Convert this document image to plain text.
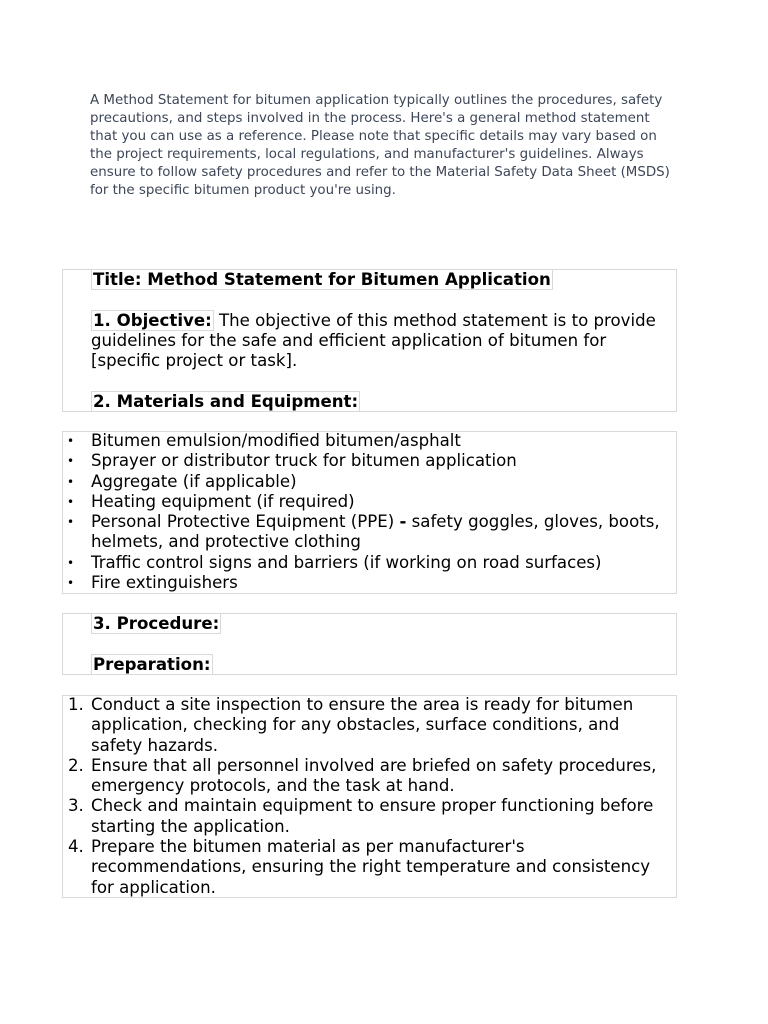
A Method Statement for bitumen application typically outlines the procedures, safety precautions, and steps involved in the process. Here's a general method statement that you can use as a reference. Please note that specific details may vary based on the project requirements, local regulations, and manufacturer's guidelines. Always ensure to follow safety procedures and refer to the Material Safety Data Sheet (MSDS) for the specific bitumen product you're using.

Title: Method Statement for Bitumen Application

1. Objective: The objective of this method statement is to provide guidelines for the safe and efficient application of bitumen for [specific project or task].

2. Materials and Equipment:

• Bitumen emulsion/modified bitumen/asphalt
• Sprayer or distributor truck for bitumen application
• Aggregate (if applicable)
• Heating equipment (if required)
• Personal Protective Equipment (PPE) - safety goggles, gloves, boots, helmets, and protective clothing
• Traffic control signs and barriers (if working on road surfaces)
• Fire extinguishers

3. Procedure:

Preparation:

1. Conduct a site inspection to ensure the area is ready for bitumen application, checking for any obstacles, surface conditions, and safety hazards.
2. Ensure that all personnel involved are briefed on safety procedures, emergency protocols, and the task at hand.
3. Check and maintain equipment to ensure proper functioning before starting the application.
4. Prepare the bitumen material as per manufacturer's recommendations, ensuring the right temperature and consistency for application.
